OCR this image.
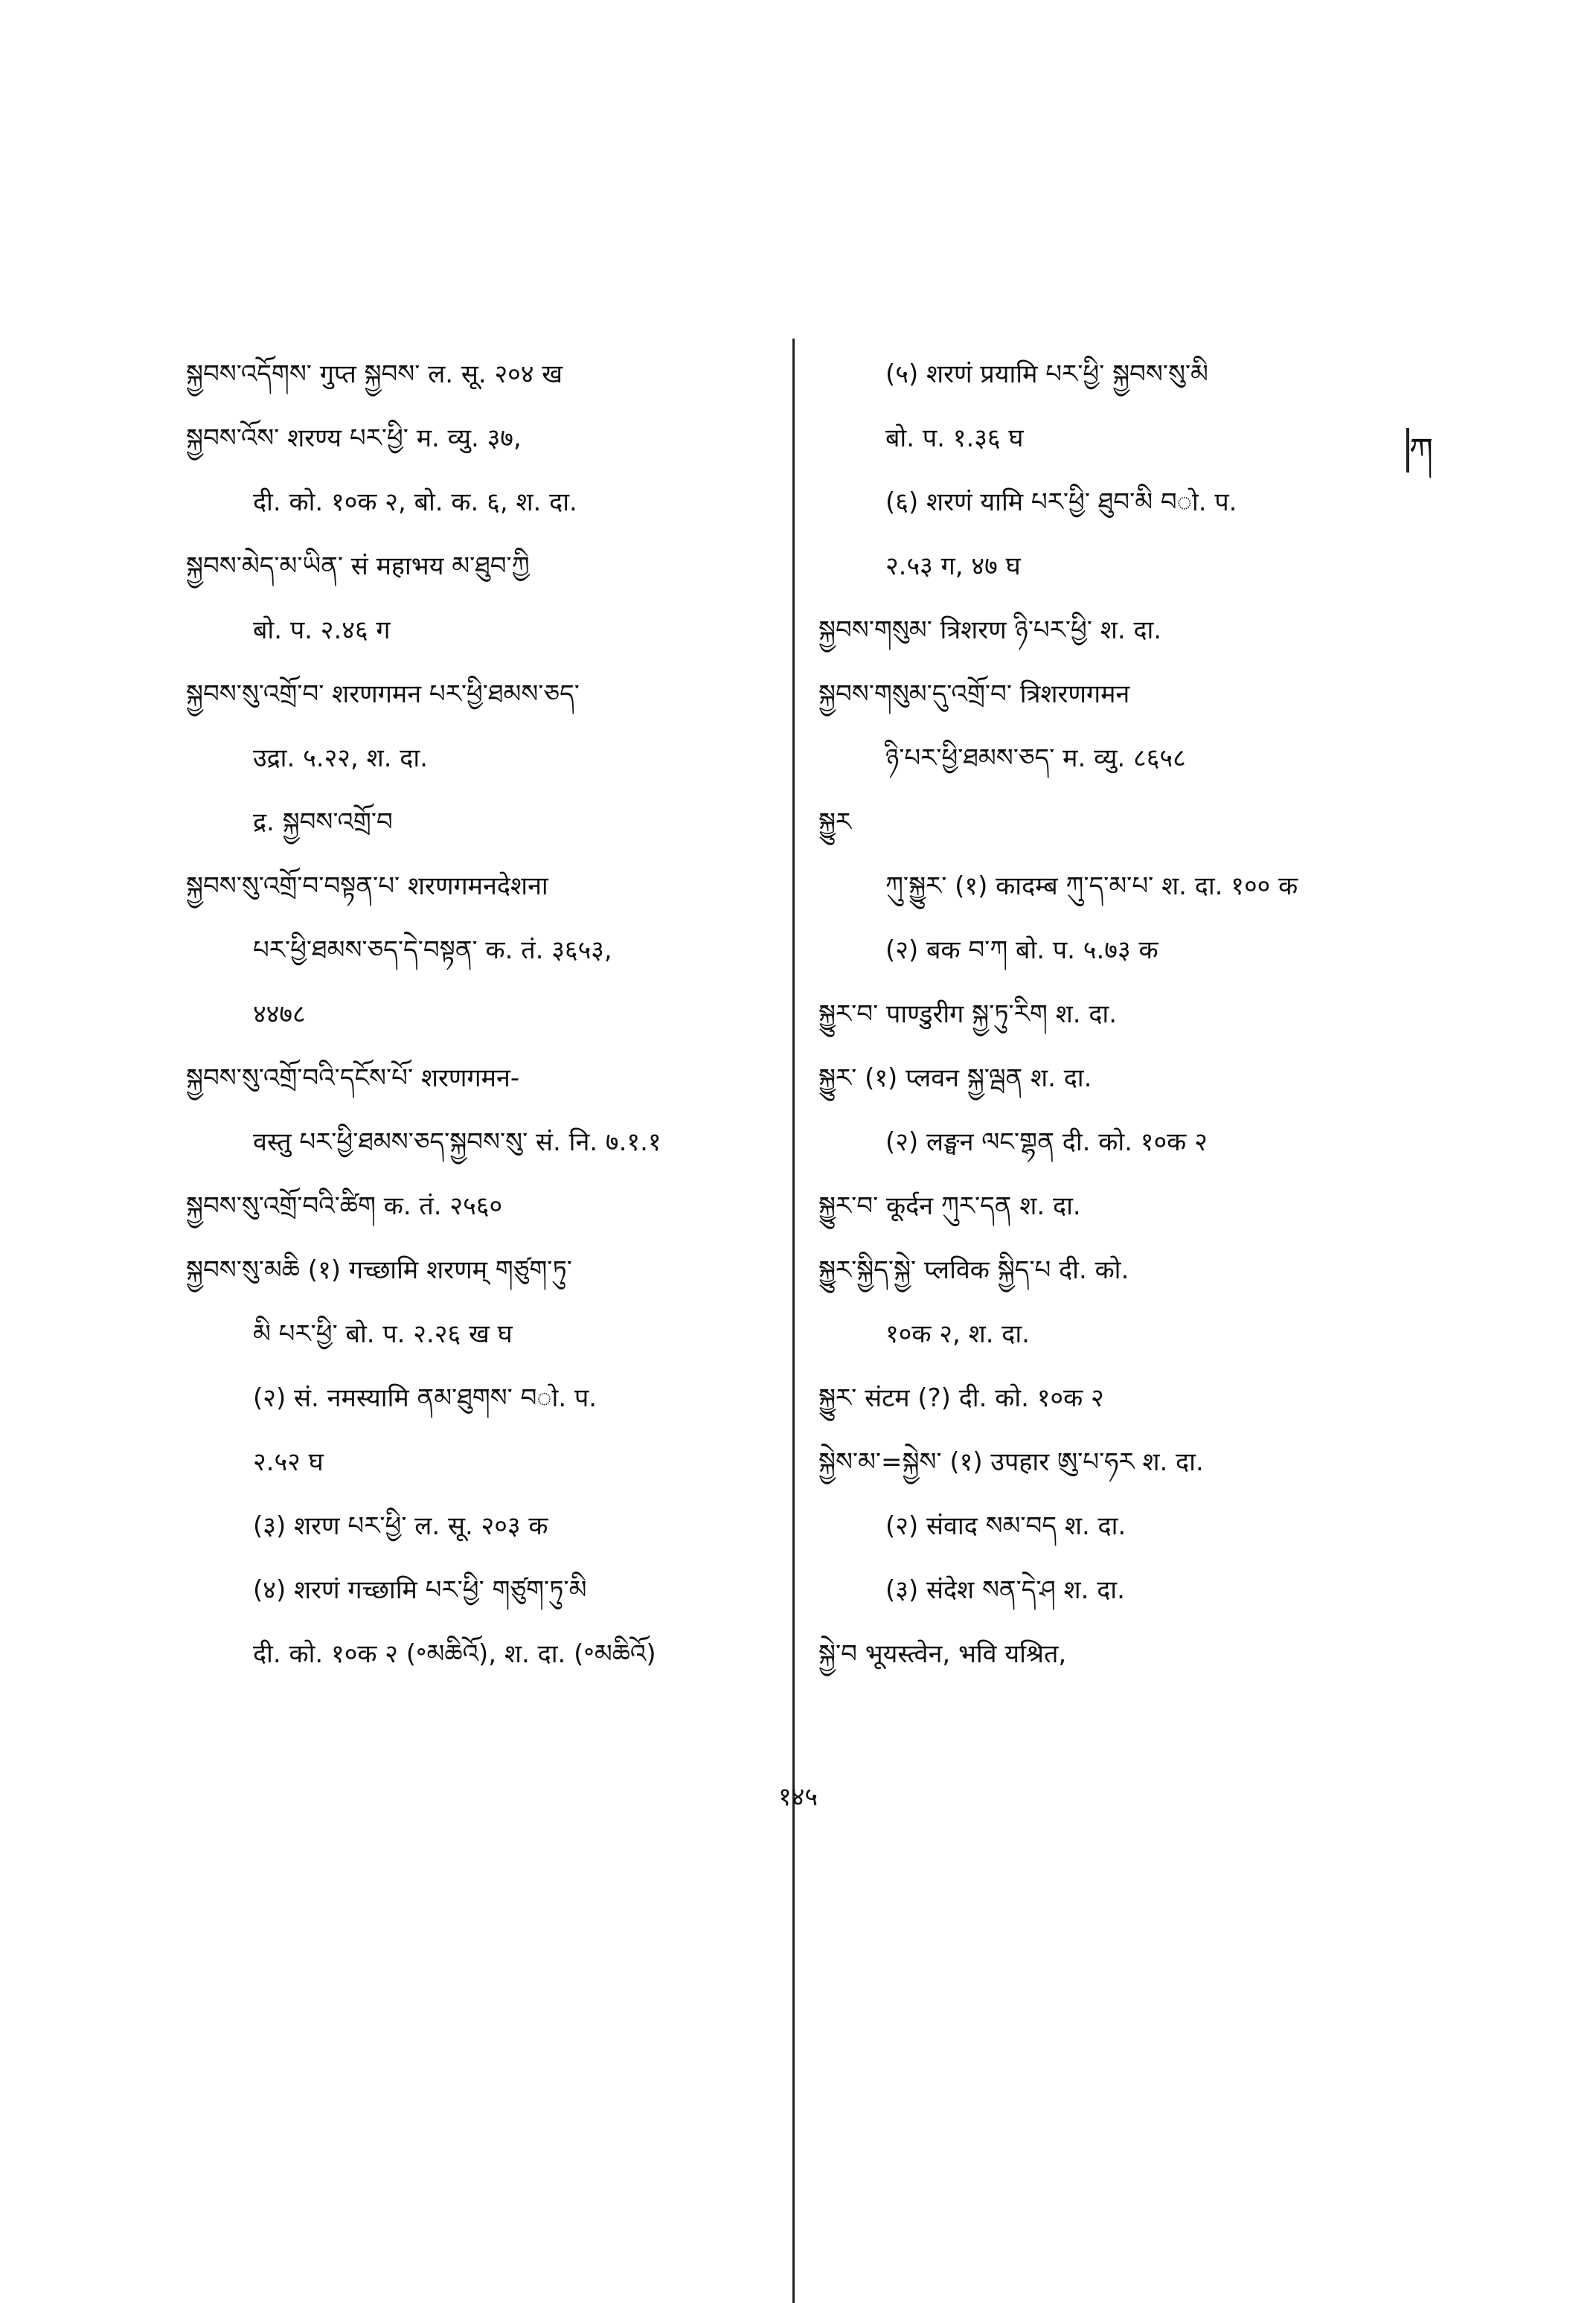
སྐྱབས་འདོགས་ गुप्त སྐྱབས་ ल. सू. २०४ ख
སྐྱབས་འོས་ शरण्य པར་ཕྱི་ म. व्यु. ३७,
दी. को. १०क २, बो. क. ६, श. दा.
སྐྱབས་མེད་མ་ཡིན་ सं महाभय མ་ཐུབ་ཀྱི
बो. प. २.४६ ग
སྐྱབས་སུ་འགྲོ་བ་ शरणगमन པར་ཕྱི་ཐམས་ཅད་
उद्रा. ५.२२, श. दा.
द्र. སྐྱབས་འགྲོ་བ
སྐྱབས་སུ་འགྲོ་བ་བསྟན་པ་ शरणगमनदेशना
པར་ཕྱི་ཐམས་ཅད་དེ་བསྟན་ क. तं. ३६५३,
४४७८
སྐྱབས་སུ་འགྲོ་བའི་དངོས་པོ་ शरणगमन-
वस्तु པར་ཕྱི་ཐམས་ཅད་སྐྱབས་སུ་ सं. नि. ७.१.१
སྐྱབས་སུ་འགྲོ་བའི་ཚིག क. तं. २५६०
སྐྱབས་སུ་མཆི (१) गच्छामि शरणम् གཙུག་ཏུ་
མི པར་ཕྱི་ बो. प. २.२६ ख घ
(२) सं. नमस्यामि ནམ་ཐུགས་ བो. प.
२.५२ घ
(३) शरण པར་ཕྱི་ ल. सू. २०३ क
(४) शरणं गच्छामि པར་ཕྱི་ གཙུག་ཏུ་མི
दी. को. १०क २ (॰མཆིའོ), श. दा. (॰མཆིའོ)
(५) शरणं प्रयामि པར་ཕྱི་ སྐྱབས་སུ་མི
बो. प. १.३६ घ
(६) शरणं यामि པར་ཕྱི་ ཐུབ་མི བो. प.
२.५३ ग, ४७ घ
སྐྱབས་གསུམ་ त्रिशरण ཉི་པར་ཕྱི་ श. दा.
སྐྱབས་གསུམ་དུ་འགྲོ་བ་ त्रिशरणगमन
ཉི་པར་ཕྱི་ཐམས་ཅད་ म. व्यु. ८६५८
སྐྱུར
ཀུ་སྐྱུར་ (१) कादम्ब ཀུ་ད་མ་པ་ श. दा. १०० क
(२) बक བ་ཀ बो. प. ५.७३ क
སྐྱུར་བ་ पाण्डुरीग སྐྱ་ཏུ་རིག श. दा.
སྐྱུར་ (१) प्लवन སྐྱ་ལྦན श. दा.
(२) लङ्घन ལང་གྷན दी. को. १०क २
སྐྱུར་བ་ कूर्दन ཀུར་དན श. दा.
སྐྱུར་སྐྱིད་སྐྱེ་ प्लविक སྐྱིད་པ दी. को.
१०क २, श. दा.
སྐྱུར་ संटम (?) दी. को. १०क २
སྐྱེས་མ་=སྐྱེས་ (१) उपहार ཨུ་པ་ཧར श. दा.
(२) संवाद སམ་བད श. दा.
(३) संदेश སན་དེ་ཤ श. दा.
སྐྱེ་བ भूयस्त्वेन, भवि यश्रित,
ཀ
१४५
